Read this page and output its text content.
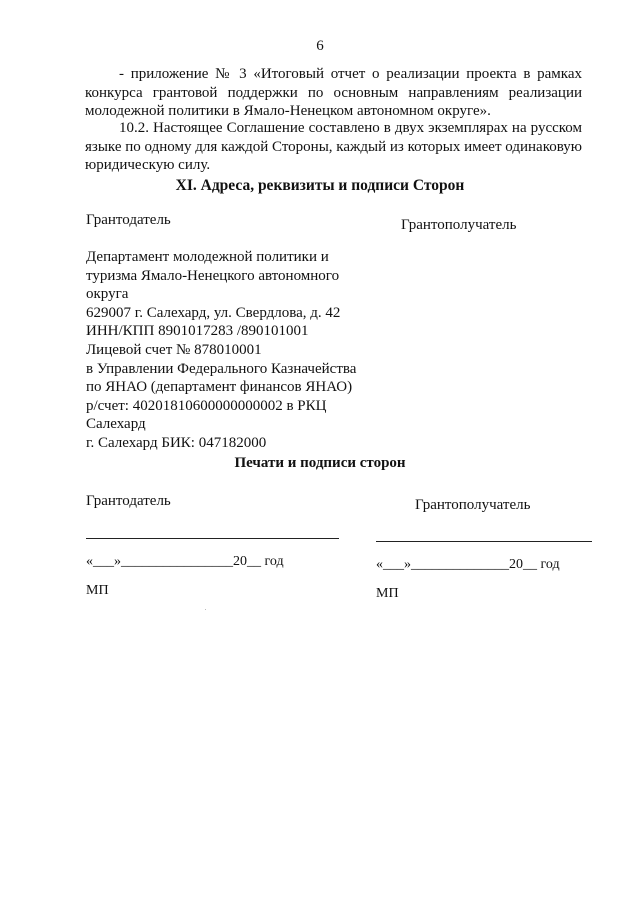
6
- приложение № 3 «Итоговый отчет о реализации проекта в рамках
конкурса грантовой поддержки по основным направлениям реализации
молодежной политики в Ямало-Ненецком автономном округе».
10.2. Настоящее Соглашение составлено в двух экземплярах на русском
языке по одному для каждой Стороны, каждый из которых имеет одинаковую
юридическую силу.
XI. Адреса, реквизиты и подписи Сторон
Грантодатель	Грантополучатель
Департамент молодежной политики и
туризма Ямало-Ненецкого автономного
округа
629007 г. Салехард, ул. Свердлова, д. 42
ИНН/КПП 8901017283 /890101001
Лицевой счет № 878010001
в Управлении Федерального Казначейства
по ЯНАО (департамент финансов ЯНАО)
р/счет: 40201810600000000002 в РКЦ
Салехард
г. Салехард БИК: 047182000
Печати и подписи сторон
Грантодатель	Грантополучатель
«___»________________20__ год	«___»______________20__ год
МП	МП
